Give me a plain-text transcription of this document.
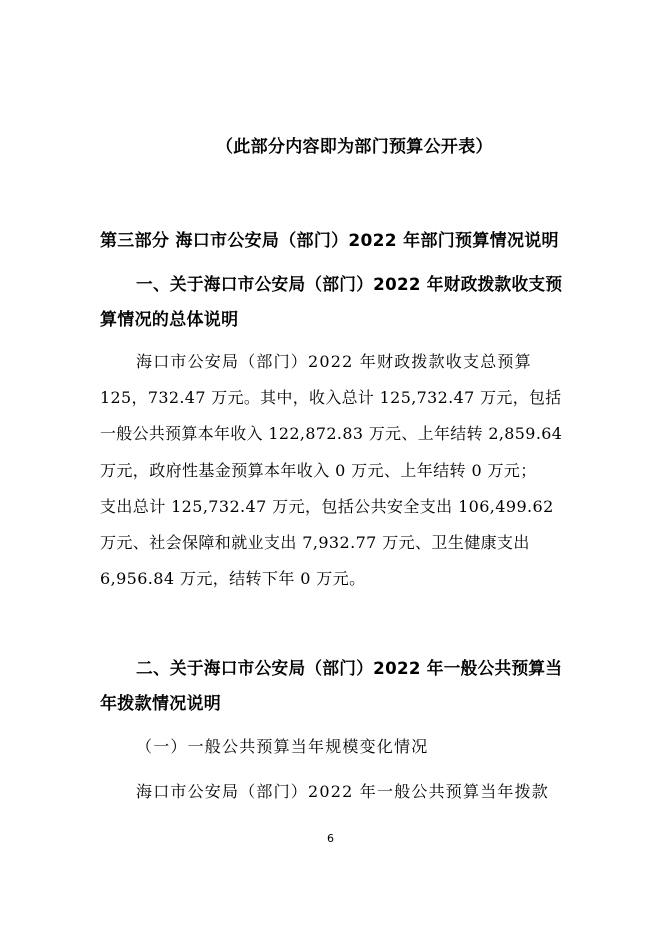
（此部分内容即为部门预算公开表）
第三部分 海口市公安局（部门）2022 年部门预算情况说明
一、关于海口市公安局（部门）2022 年财政拨款收支预
算情况的总体说明
海口市公安局（部门）2022 年财政拨款收支总预算
125，732.47 万元。其中，收入总计 125,732.47 万元，包括
一般公共预算本年收入 122,872.83 万元、上年结转 2,859.64
万元，政府性基金预算本年收入 0 万元、上年结转 0 万元；
支出总计 125,732.47 万元，包括公共安全支出 106,499.62
万元、社会保障和就业支出 7,932.77 万元、卫生健康支出
6,956.84 万元，结转下年 0 万元。
二、关于海口市公安局（部门）2022 年一般公共预算当
年拨款情况说明
（一）一般公共预算当年规模变化情况
海口市公安局（部门）2022 年一般公共预算当年拨款
6
